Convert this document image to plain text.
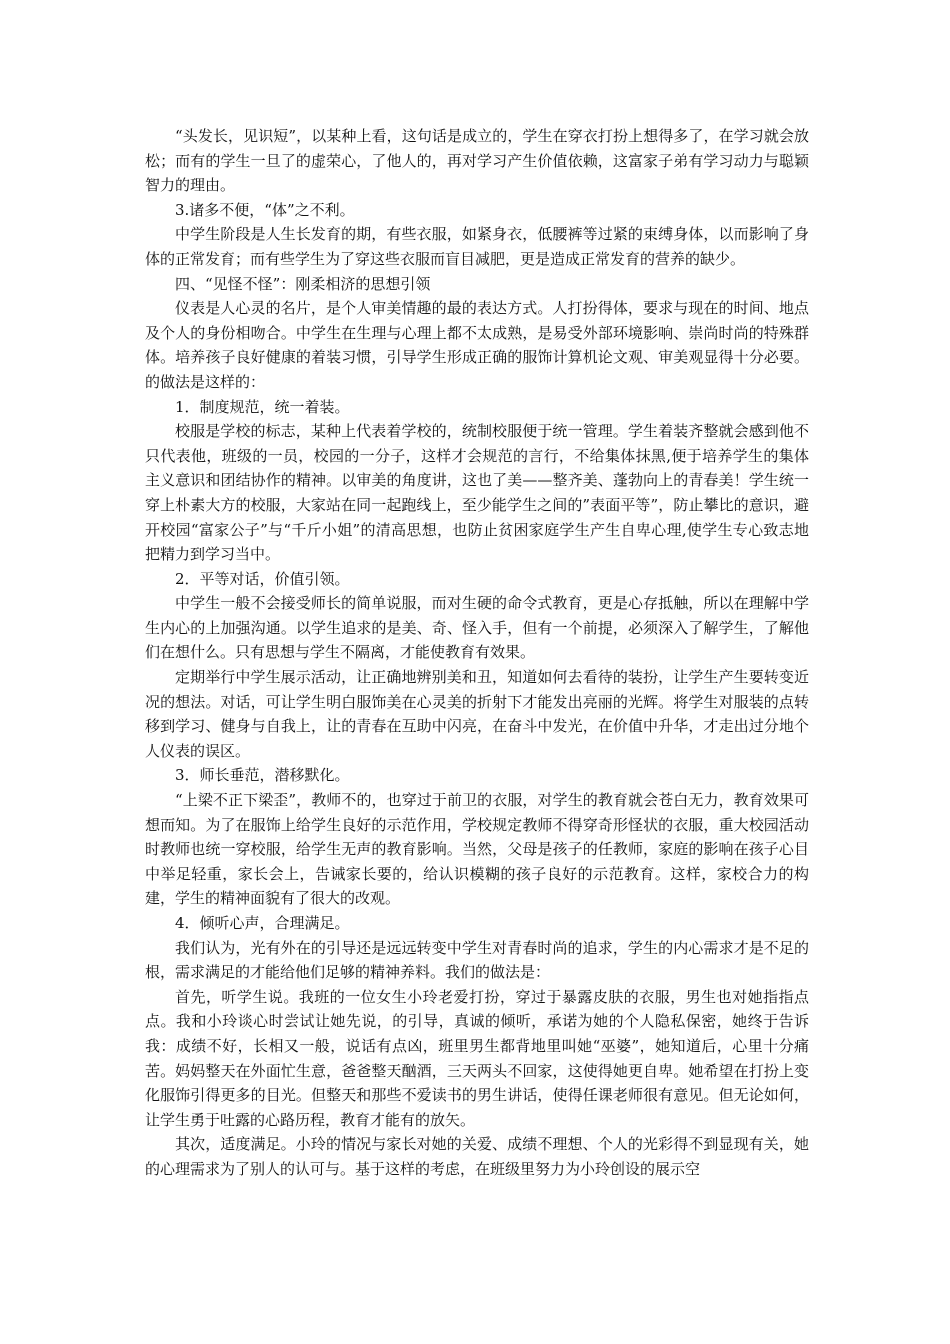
“头发长，见识短”，以某种上看，这句话是成立的，学生在穿衣打扮上想得多了，在学习就会放松；而有的学生一旦了的虚荣心，了他人的，再对学习产生价值依赖，这富家子弟有学习动力与聪颖智力的理由。

3.诸多不便，“体”之不利。

中学生阶段是人生长发育的期，有些衣服，如紧身衣，低腰裤等过紧的束缚身体，以而影响了身体的正常发育；而有些学生为了穿这些衣服而盲目减肥，更是造成正常发育的营养的缺少。

四、“见怪不怪”：刚柔相济的思想引领

仪表是人心灵的名片，是个人审美情趣的最的表达方式。人打扮得体，要求与现在的时间、地点及个人的身份相吻合。中学生在生理与心理上都不太成熟，是易受外部环境影响、崇尚时尚的特殊群体。培养孩子良好健康的着装习惯，引导学生形成正确的服饰计算机论文观、审美观显得十分必要。的做法是这样的：

1．制度规范，统一着装。

校服是学校的标志，某种上代表着学校的，统制校服便于统一管理。学生着装齐整就会感到他不只代表他，班级的一员，校园的一分子，这样才会规范的言行，不给集体抹黑,便于培养学生的集体主义意识和团结协作的精神。以审美的角度讲，这也了美——整齐美、蓬勃向上的青春美！学生统一穿上朴素大方的校服，大家站在同一起跑线上，至少能学生之间的”表面平等”，防止攀比的意识，避开校园“富家公子”与“千斤小姐”的清高思想，也防止贫困家庭学生产生自卑心理,使学生专心致志地把精力到学习当中。

2．平等对话，价值引领。

中学生一般不会接受师长的简单说服，而对生硬的命令式教育，更是心存抵触，所以在理解中学生内心的上加强沟通。以学生追求的是美、奇、怪入手，但有一个前提，必须深入了解学生，了解他们在想什么。只有思想与学生不隔离，才能使教育有效果。

定期举行中学生展示活动，让正确地辨别美和丑，知道如何去看待的装扮，让学生产生要转变近况的想法。对话，可让学生明白服饰美在心灵美的折射下才能发出亮丽的光辉。将学生对服装的点转移到学习、健身与自我上，让的青春在互助中闪亮，在奋斗中发光，在价值中升华，才走出过分地个人仪表的误区。

3．师长垂范，潜移默化。

“上梁不正下梁歪”，教师不的，也穿过于前卫的衣服，对学生的教育就会苍白无力，教育效果可想而知。为了在服饰上给学生良好的示范作用，学校规定教师不得穿奇形怪状的衣服，重大校园活动时教师也统一穿校服，给学生无声的教育影响。当然，父母是孩子的任教师，家庭的影响在孩子心目中举足轻重，家长会上，告诫家长要的，给认识模糊的孩子良好的示范教育。这样，家校合力的构建，学生的精神面貌有了很大的改观。

4．倾听心声，合理满足。

我们认为，光有外在的引导还是远远转变中学生对青春时尚的追求，学生的内心需求才是不足的根，需求满足的才能给他们足够的精神养料。我们的做法是：

首先，听学生说。我班的一位女生小玲老爱打扮，穿过于暴露皮肤的衣服，男生也对她指指点点。我和小玲谈心时尝试让她先说，的引导，真诚的倾听，承诺为她的个人隐私保密，她终于告诉我：成绩不好，长相又一般，说话有点凶，班里男生都背地里叫她“巫婆”，她知道后，心里十分痛苦。妈妈整天在外面忙生意，爸爸整天酗酒，三天两头不回家，这使得她更自卑。她希望在打扮上变化服饰引得更多的目光。但整天和那些不爱读书的男生讲话，使得任课老师很有意见。但无论如何，让学生勇于吐露的心路历程，教育才能有的放矢。

其次，适度满足。小玲的情况与家长对她的关爱、成绩不理想、个人的光彩得不到显现有关，她的心理需求为了别人的认可与。基于这样的考虑，在班级里努力为小玲创设的展示空
